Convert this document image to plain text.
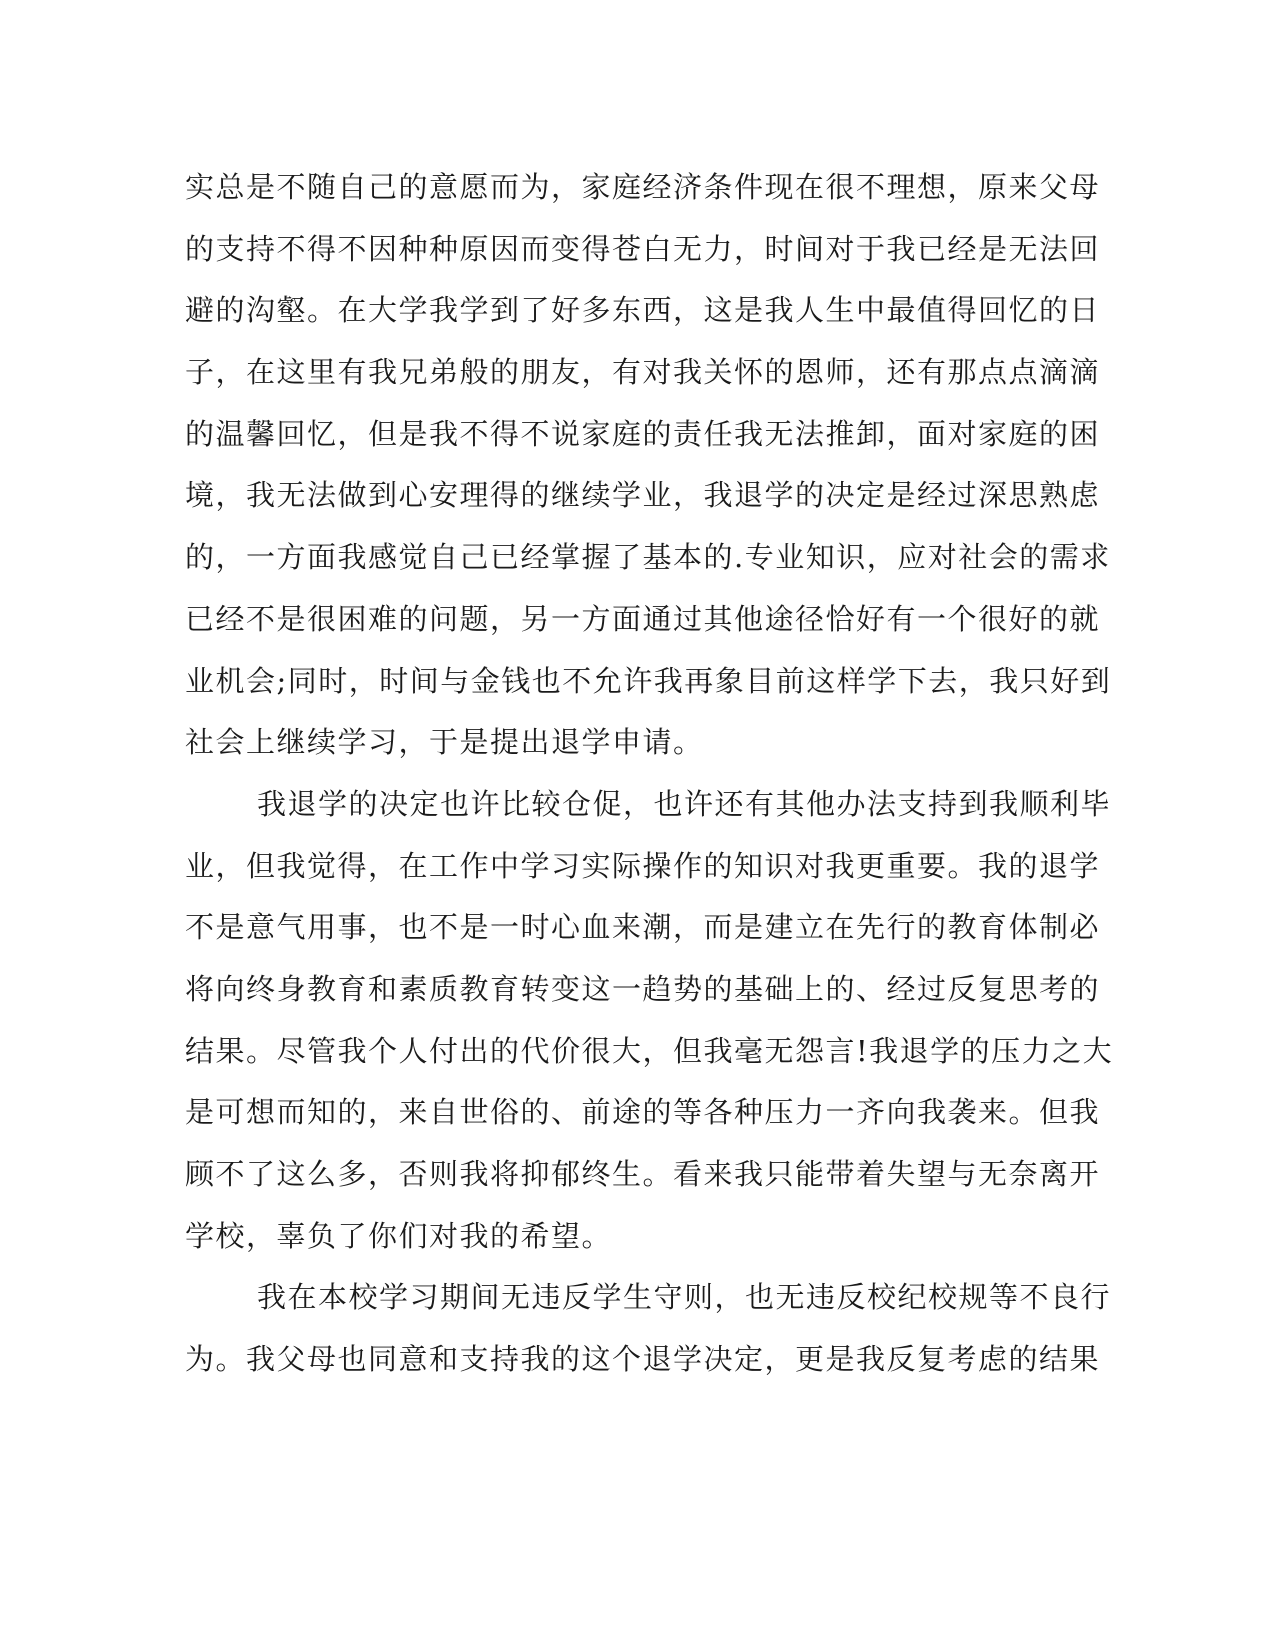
实总是不随自己的意愿而为，家庭经济条件现在很不理想，原来父母
的支持不得不因种种原因而变得苍白无力，时间对于我已经是无法回
避的沟壑。在大学我学到了好多东西，这是我人生中最值得回忆的日
子，在这里有我兄弟般的朋友，有对我关怀的恩师，还有那点点滴滴
的温馨回忆，但是我不得不说家庭的责任我无法推卸，面对家庭的困
境，我无法做到心安理得的继续学业，我退学的决定是经过深思熟虑
的，一方面我感觉自己已经掌握了基本的.专业知识，应对社会的需求
已经不是很困难的问题，另一方面通过其他途径恰好有一个很好的就
业机会;同时，时间与金钱也不允许我再象目前这样学下去，我只好到
社会上继续学习，于是提出退学申请。
我退学的决定也许比较仓促，也许还有其他办法支持到我顺利毕
业，但我觉得，在工作中学习实际操作的知识对我更重要。我的退学
不是意气用事，也不是一时心血来潮，而是建立在先行的教育体制必
将向终身教育和素质教育转变这一趋势的基础上的、经过反复思考的
结果。尽管我个人付出的代价很大，但我毫无怨言!我退学的压力之大
是可想而知的，来自世俗的、前途的等各种压力一齐向我袭来。但我
顾不了这么多，否则我将抑郁终生。看来我只能带着失望与无奈离开
学校，辜负了你们对我的希望。
我在本校学习期间无违反学生守则，也无违反校纪校规等不良行
为。我父母也同意和支持我的这个退学决定，更是我反复考虑的结果
